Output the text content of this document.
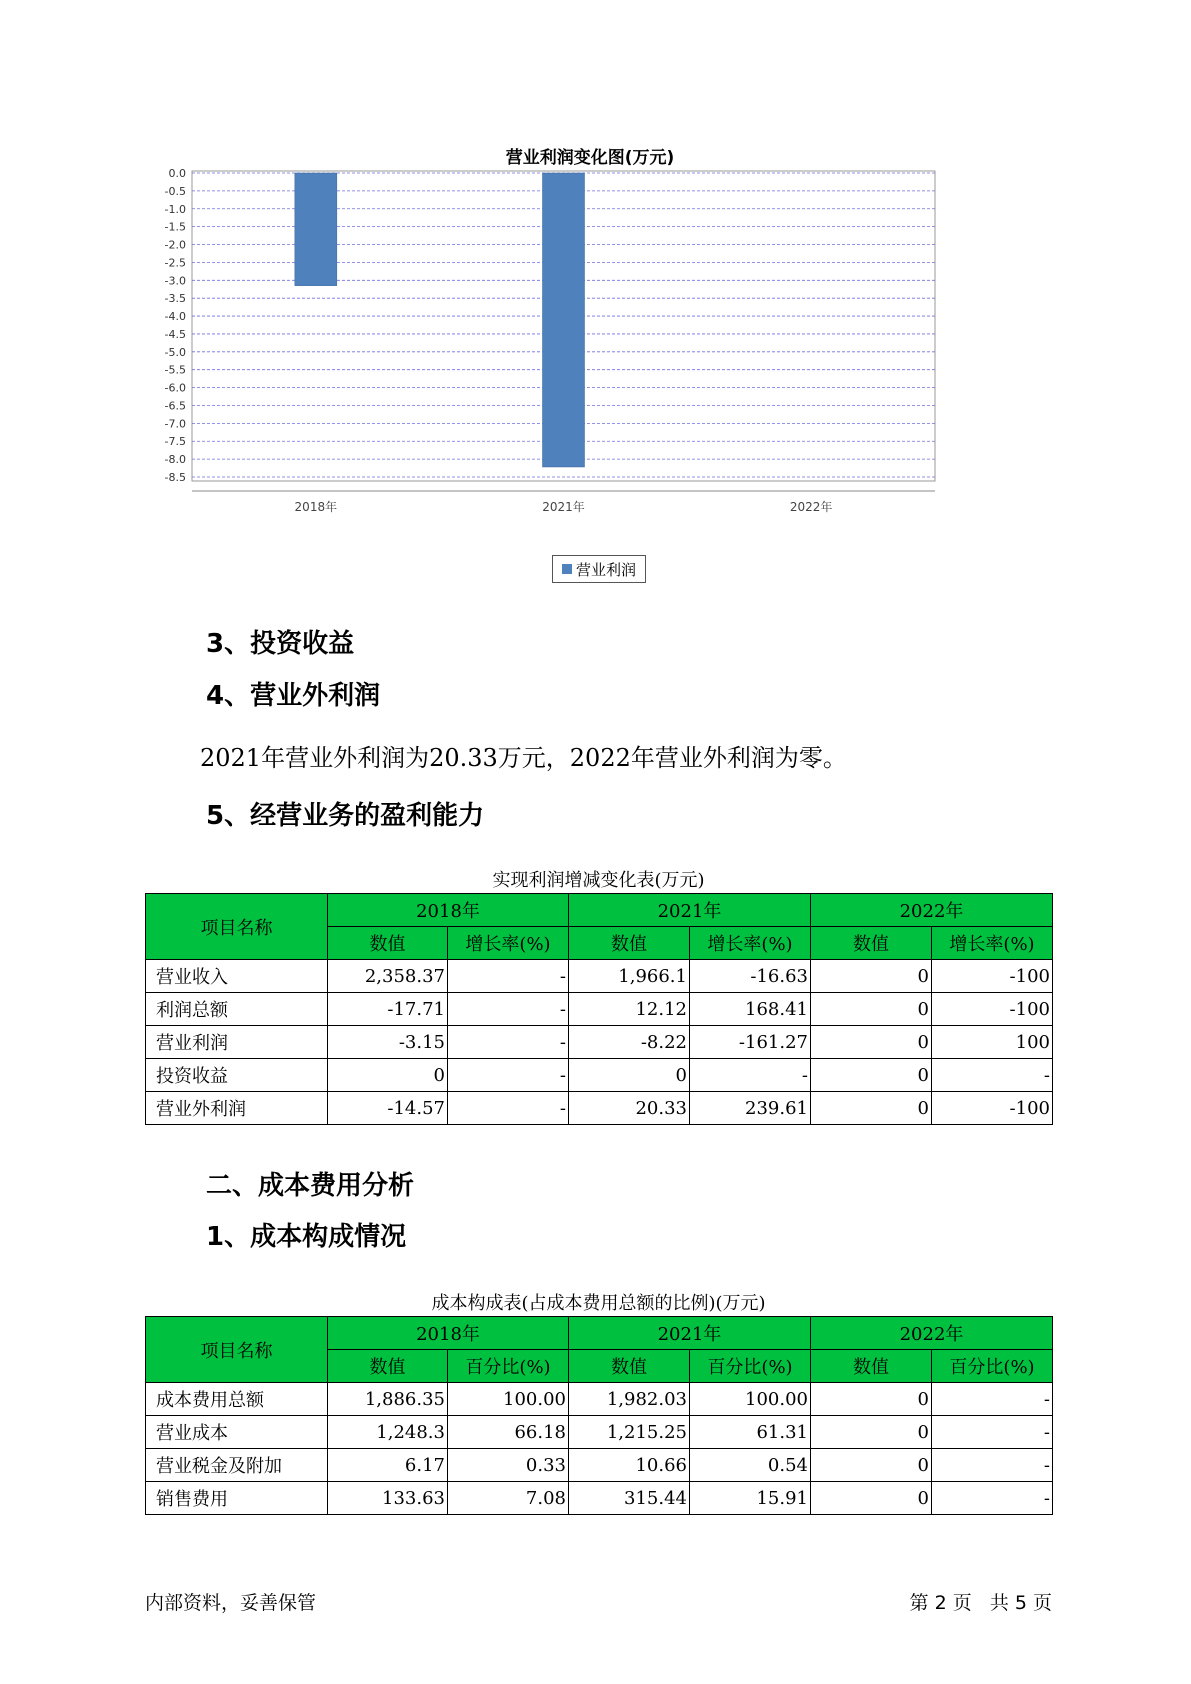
营业利润变化图(万元)
0.0
-0.5
-1.0
-1.5
-2.0
-2.5
-3.0
-3.5
-4.0
-4.5
-5.0
-5.5
-6.0
-6.5
-7.0
-7.5
-8.0
-8.5
2018年	2021年	2022年
营业利润
3、投资收益
4、营业外利润
2021年营业外利润为20.33万元，2022年营业外利润为零。
5、经营业务的盈利能力
实现利润增减变化表(万元)
项目名称	2018年		2021年		2022年	
	数值	增长率(%)	数值	增长率(%)	数值	增长率(%)
营业收入	2,358.37	-	1,966.1	-16.63	0	-100
利润总额	-17.71	-	12.12	168.41	0	-100
营业利润	-3.15	-	-8.22	-161.27	0	100
投资收益	0	-	0	-	0	-
营业外利润	-14.57	-	20.33	239.61	0	-100
二、成本费用分析
1、成本构成情况
成本构成表(占成本费用总额的比例)(万元)
项目名称	2018年		2021年		2022年	
	数值	百分比(%)	数值	百分比(%)	数值	百分比(%)
成本费用总额	1,886.35	100.00	1,982.03	100.00	0	-
营业成本	1,248.3	66.18	1,215.25	61.31	0	-
营业税金及附加	6.17	0.33	10.66	0.54	0	-
销售费用	133.63	7.08	315.44	15.91	0	-
内部资料，妥善保管	第 2 页   共 5 页
